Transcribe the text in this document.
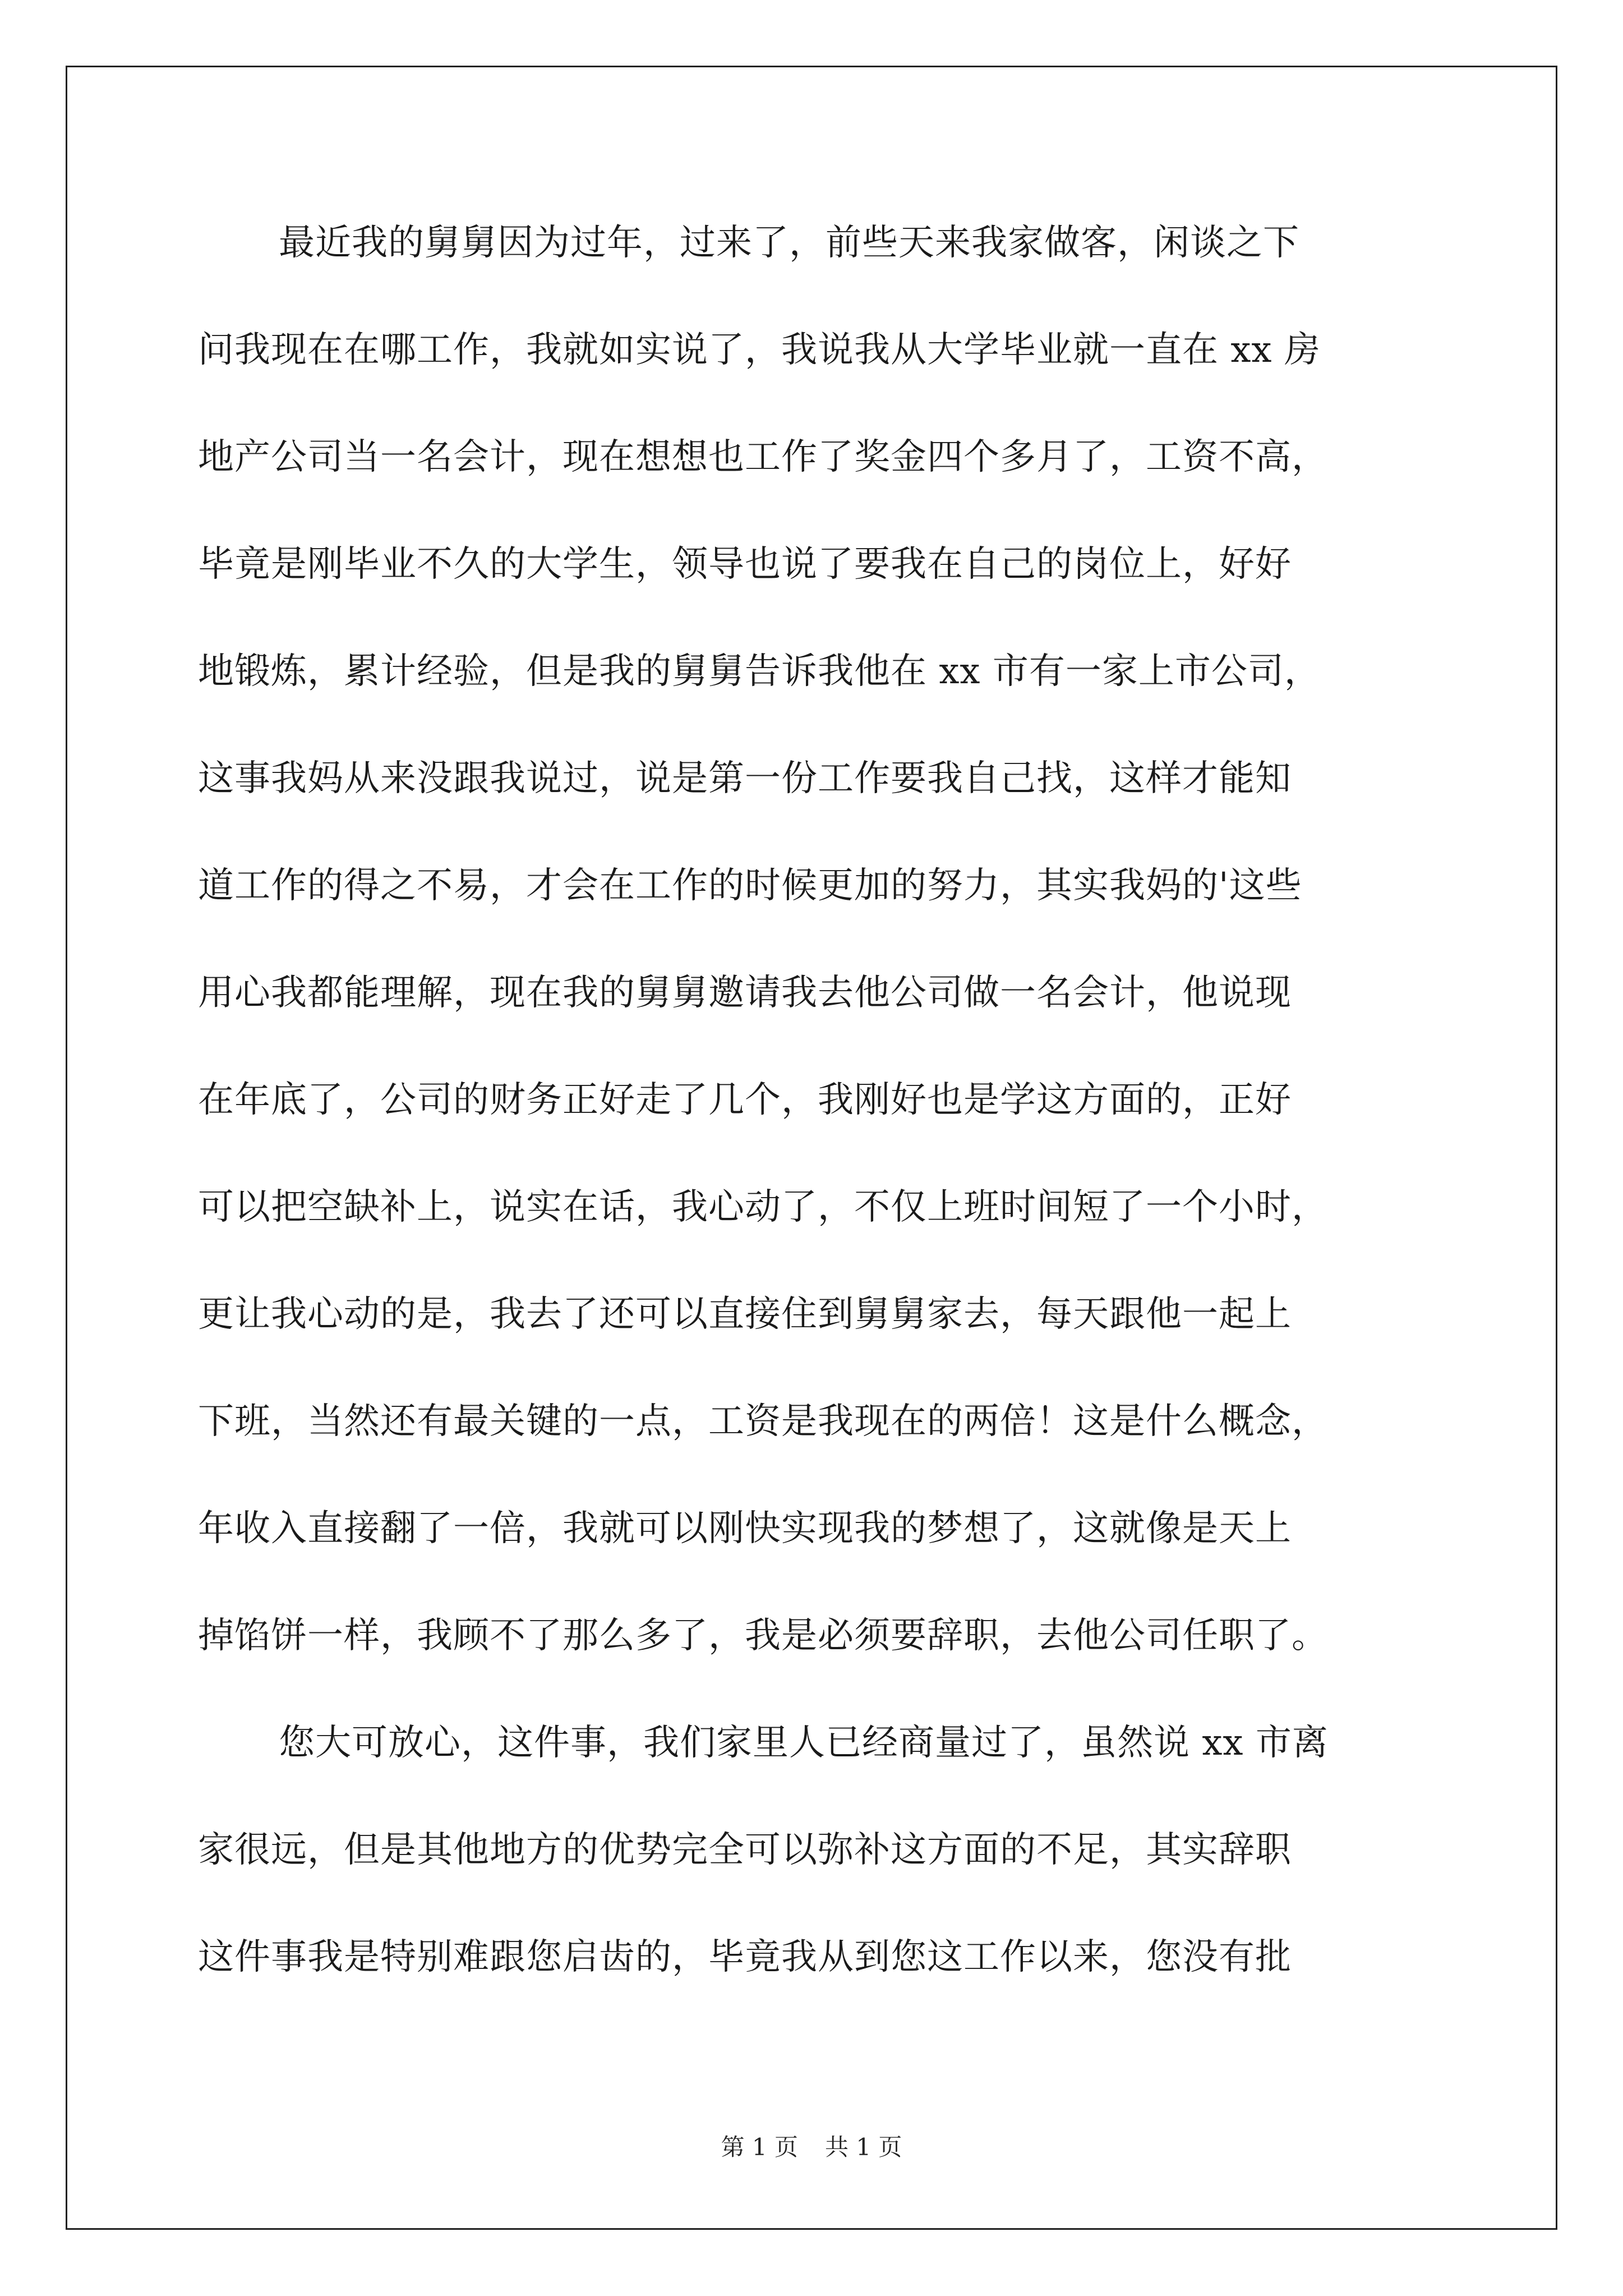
最近我的舅舅因为过年，过来了，前些天来我家做客，闲谈之下
问我现在在哪工作，我就如实说了，我说我从大学毕业就一直在 xx 房
地产公司当一名会计，现在想想也工作了奖金四个多月了，工资不高，
毕竟是刚毕业不久的大学生，领导也说了要我在自己的岗位上，好好
地锻炼，累计经验，但是我的舅舅告诉我他在 xx 市有一家上市公司，
这事我妈从来没跟我说过，说是第一份工作要我自己找，这样才能知
道工作的得之不易，才会在工作的时候更加的努力，其实我妈的'这些
用心我都能理解，现在我的舅舅邀请我去他公司做一名会计，他说现
在年底了，公司的财务正好走了几个，我刚好也是学这方面的，正好
可以把空缺补上，说实在话，我心动了，不仅上班时间短了一个小时，
更让我心动的是，我去了还可以直接住到舅舅家去，每天跟他一起上
下班，当然还有最关键的一点，工资是我现在的两倍！这是什么概念，
年收入直接翻了一倍，我就可以刚快实现我的梦想了，这就像是天上
掉馅饼一样，我顾不了那么多了，我是必须要辞职，去他公司任职了。
您大可放心，这件事，我们家里人已经商量过了，虽然说 xx 市离
家很远，但是其他地方的优势完全可以弥补这方面的不足，其实辞职
这件事我是特别难跟您启齿的，毕竟我从到您这工作以来，您没有批
第 1 页 共 1 页
